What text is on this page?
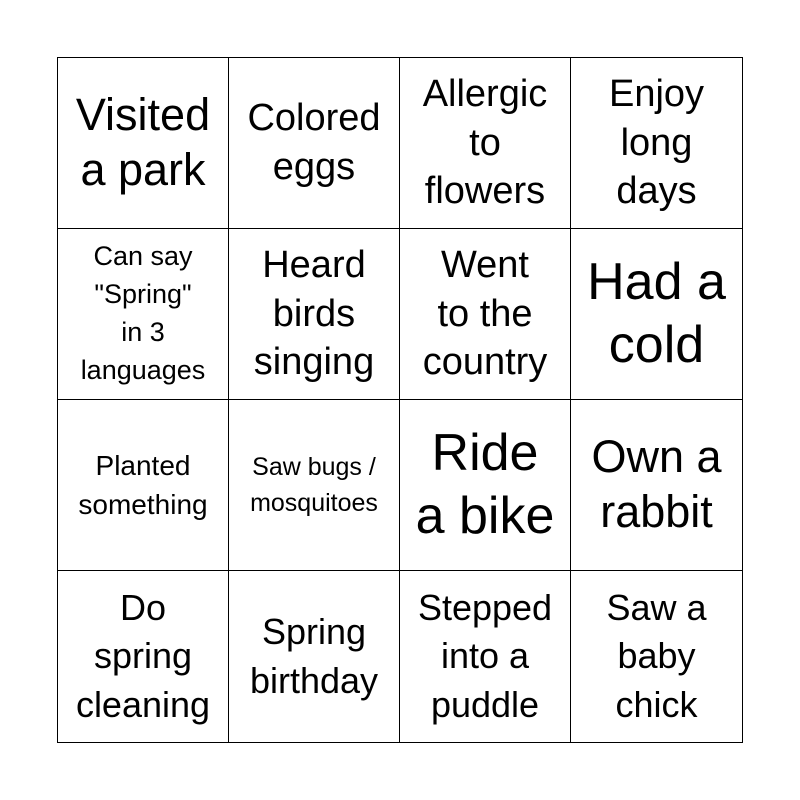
Visited
a park
Colored
eggs
Allergic
to
flowers
Enjoy
long
days
Can say
"Spring"
in 3
languages
Heard
birds
singing
Went
to the
country
Had a
cold
Planted
something
Saw bugs /
mosquitoes
Ride
a bike
Own a
rabbit
Do
spring
cleaning
Spring
birthday
Stepped
into a
puddle
Saw a
baby
chick
